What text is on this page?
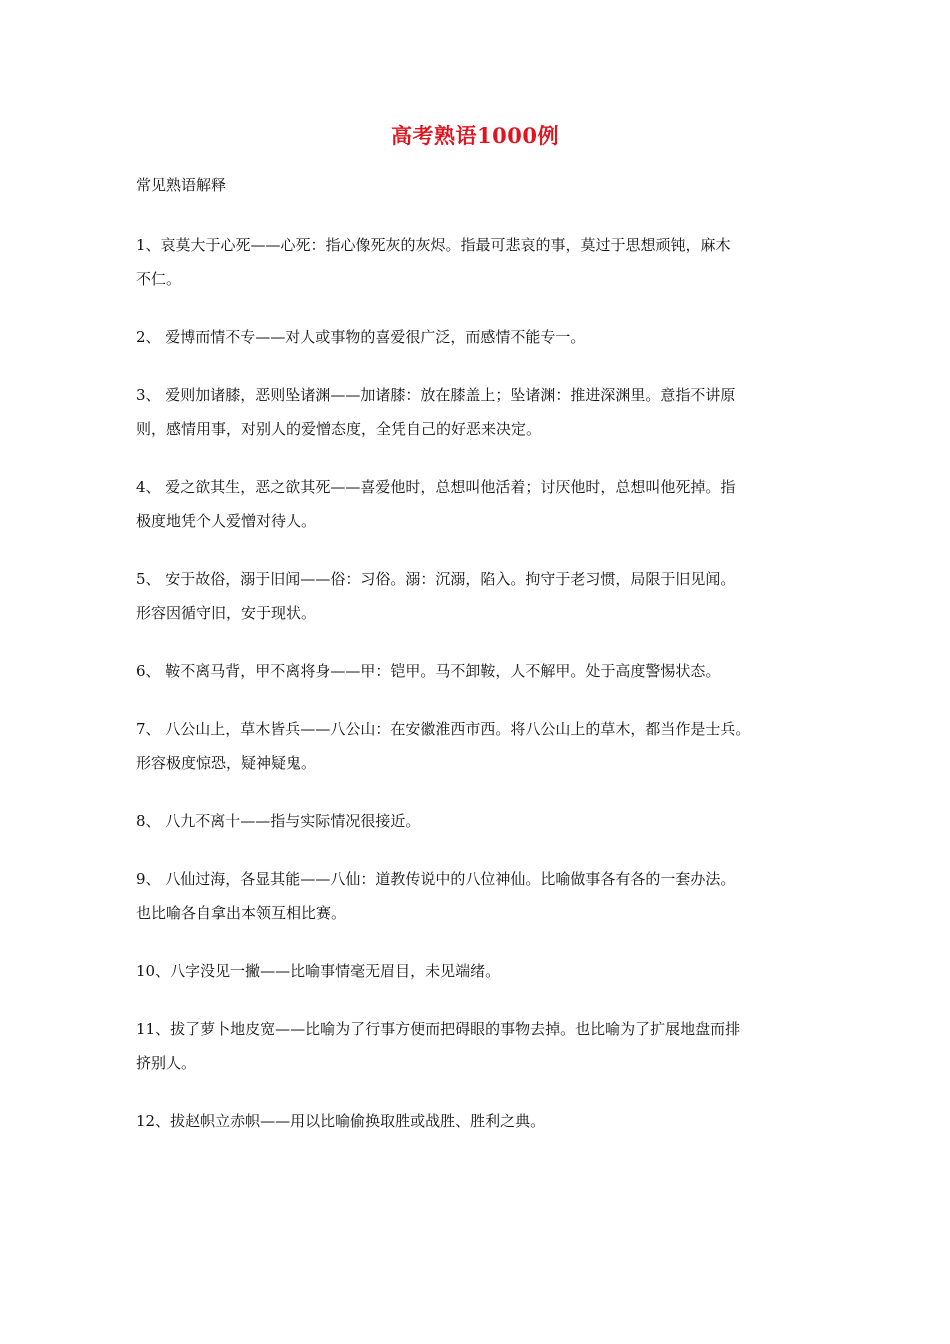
高考熟语1000例
常见熟语解释
1、哀莫大于心死——心死：指心像死灰的灰烬。指最可悲哀的事，莫过于思想顽钝，麻木
不仁。
2、 爱博而情不专——对人或事物的喜爱很广泛，而感情不能专一。
3、 爱则加诸膝，恶则坠诸渊——加诸膝：放在膝盖上；坠诸渊：推进深渊里。意指不讲原
则，感情用事，对别人的爱憎态度，全凭自己的好恶来决定。
4、 爱之欲其生，恶之欲其死——喜爱他时，总想叫他活着；讨厌他时，总想叫他死掉。指
极度地凭个人爱憎对待人。
5、 安于故俗，溺于旧闻——俗：习俗。溺：沉溺，陷入。拘守于老习惯，局限于旧见闻。
形容因循守旧，安于现状。
6、 鞍不离马背，甲不离将身——甲：铠甲。马不卸鞍，人不解甲。处于高度警惕状态。
7、 八公山上，草木皆兵——八公山：在安徽淮西市西。将八公山上的草木，都当作是士兵。
形容极度惊恐，疑神疑鬼。
8、 八九不离十——指与实际情况很接近。
9、 八仙过海，各显其能——八仙：道教传说中的八位神仙。比喻做事各有各的一套办法。
也比喻各自拿出本领互相比赛。
10、八字没见一撇——比喻事情毫无眉目，未见端绪。
11、拔了萝卜地皮宽——比喻为了行事方便而把碍眼的事物去掉。也比喻为了扩展地盘而排
挤别人。
12、拔赵帜立赤帜——用以比喻偷换取胜或战胜、胜利之典。
